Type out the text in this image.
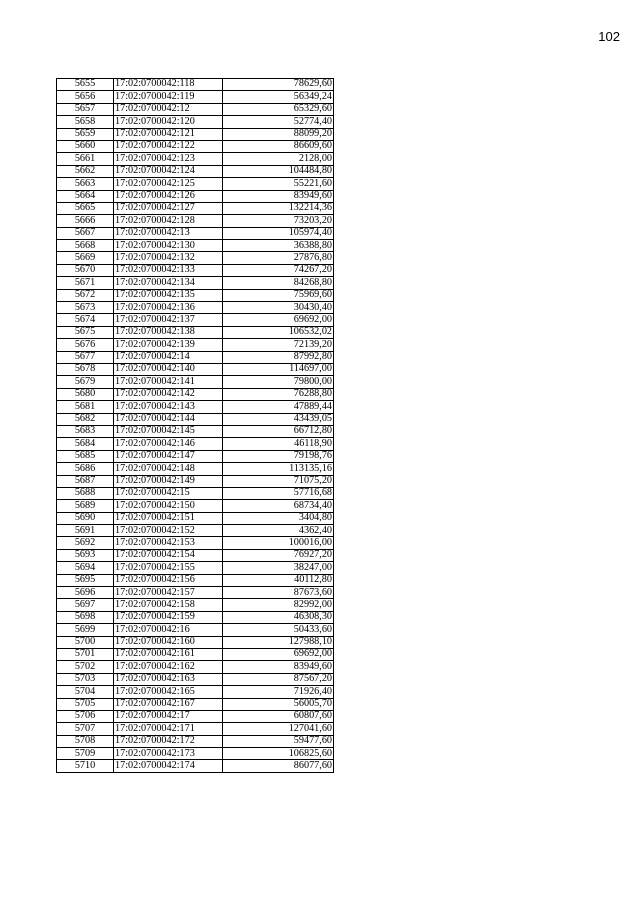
102
5655	17:02:0700042:118	78629,60
5656	17:02:0700042:119	56349,24
5657	17:02:0700042:12	65329,60
5658	17:02:0700042:120	52774,40
5659	17:02:0700042:121	88099,20
5660	17:02:0700042:122	86609,60
5661	17:02:0700042:123	2128,00
5662	17:02:0700042:124	104484,80
5663	17:02:0700042:125	55221,60
5664	17:02:0700042:126	83949,60
5665	17:02:0700042:127	132214,36
5666	17:02:0700042:128	73203,20
5667	17:02:0700042:13	105974,40
5668	17:02:0700042:130	36388,80
5669	17:02:0700042:132	27876,80
5670	17:02:0700042:133	74267,20
5671	17:02:0700042:134	84268,80
5672	17:02:0700042:135	75969,60
5673	17:02:0700042:136	30430,40
5674	17:02:0700042:137	69692,00
5675	17:02:0700042:138	106532,02
5676	17:02:0700042:139	72139,20
5677	17:02:0700042:14	87992,80
5678	17:02:0700042:140	114697,00
5679	17:02:0700042:141	79800,00
5680	17:02:0700042:142	76288,80
5681	17:02:0700042:143	47889,44
5682	17:02:0700042:144	43439,05
5683	17:02:0700042:145	66712,80
5684	17:02:0700042:146	46118,90
5685	17:02:0700042:147	79198,76
5686	17:02:0700042:148	113135,16
5687	17:02:0700042:149	71075,20
5688	17:02:0700042:15	57716,68
5689	17:02:0700042:150	68734,40
5690	17:02:0700042:151	3404,80
5691	17:02:0700042:152	4362,40
5692	17:02:0700042:153	100016,00
5693	17:02:0700042:154	76927,20
5694	17:02:0700042:155	38247,00
5695	17:02:0700042:156	40112,80
5696	17:02:0700042:157	87673,60
5697	17:02:0700042:158	82992,00
5698	17:02:0700042:159	46308,30
5699	17:02:0700042:16	50433,60
5700	17:02:0700042:160	127988,10
5701	17:02:0700042:161	69692,00
5702	17:02:0700042:162	83949,60
5703	17:02:0700042:163	87567,20
5704	17:02:0700042:165	71926,40
5705	17:02:0700042:167	56005,70
5706	17:02:0700042:17	60807,60
5707	17:02:0700042:171	127041,60
5708	17:02:0700042:172	59477,60
5709	17:02:0700042:173	106825,60
5710	17:02:0700042:174	86077,60
